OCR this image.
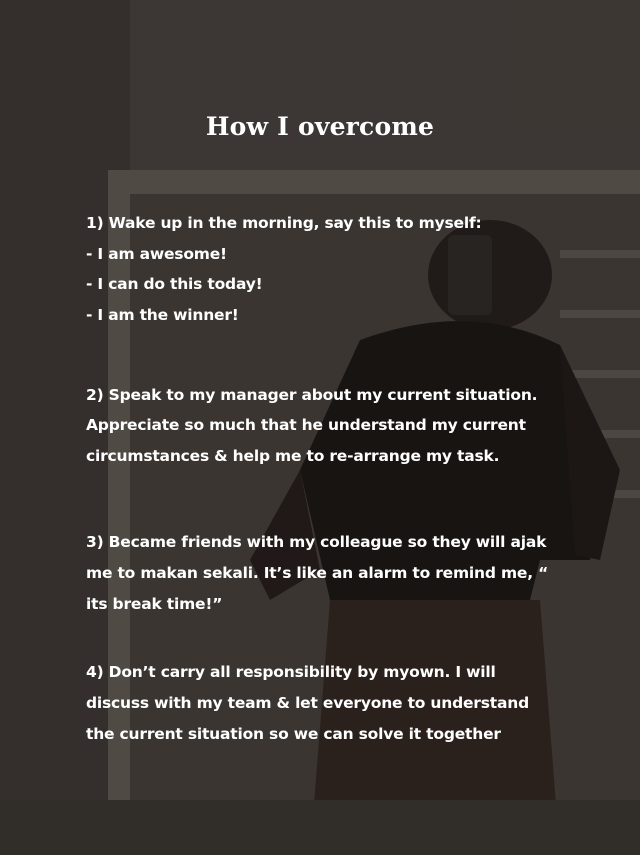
How I overcome
1) Wake up in the morning, say this to myself:
- I am awesome!
- I can do this today!
- I am the winner!
2) Speak to my manager about my current situation.
Appreciate so much that he understand my current
circumstances & help me to re-arrange my task.
3) Became friends with my colleague so they will ajak
me to makan sekali. It’s like an alarm to remind me, “
its break time!”
4) Don’t carry all responsibility by myown. I will
discuss with my team & let everyone to understand
the current situation so we can solve it together
